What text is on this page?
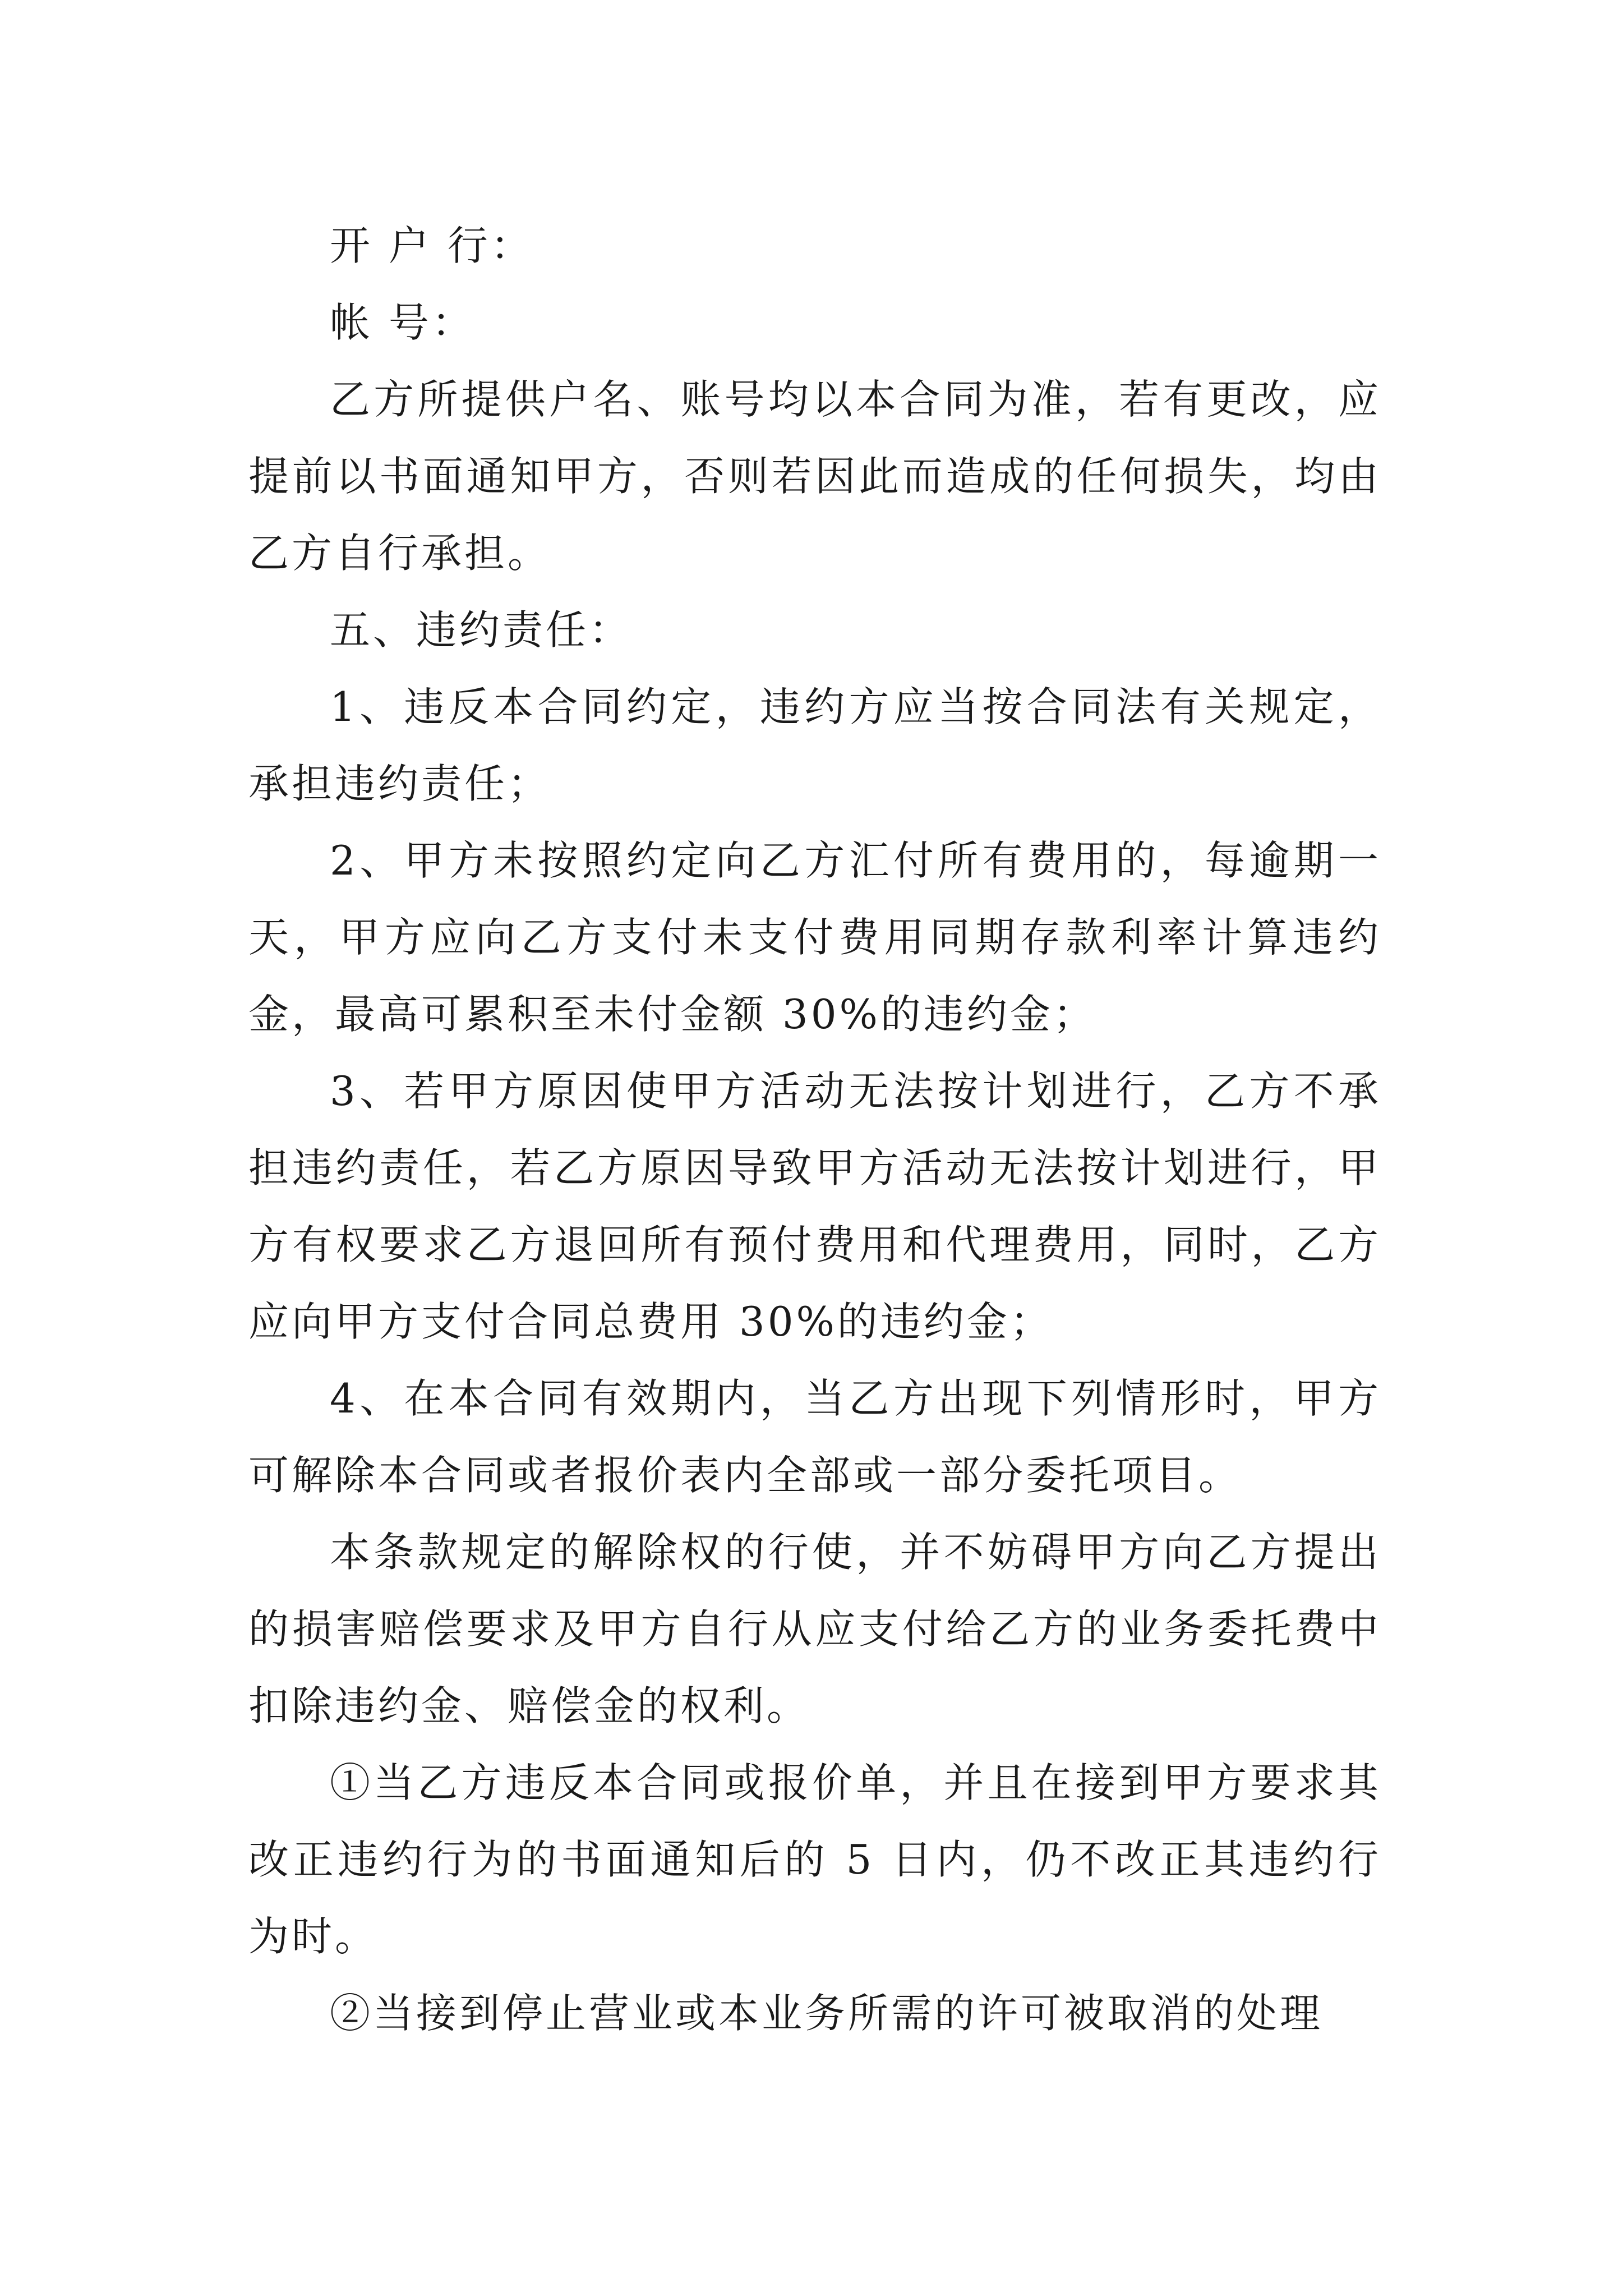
开 户 行：

帐 号：

乙方所提供户名、账号均以本合同为准，若有更改，应提前以书面通知甲方，否则若因此而造成的任何损失，均由乙方自行承担。

五、违约责任：

1、违反本合同约定，违约方应当按合同法有关规定，承担违约责任；

2、甲方未按照约定向乙方汇付所有费用的，每逾期一天，甲方应向乙方支付未支付费用同期存款利率计算违约金，最高可累积至未付金额 30%的违约金；

3、若甲方原因使甲方活动无法按计划进行，乙方不承担违约责任，若乙方原因导致甲方活动无法按计划进行，甲方有权要求乙方退回所有预付费用和代理费用，同时，乙方应向甲方支付合同总费用 30%的违约金；

4、在本合同有效期内，当乙方出现下列情形时，甲方可解除本合同或者报价表内全部或一部分委托项目。

本条款规定的解除权的行使，并不妨碍甲方向乙方提出的损害赔偿要求及甲方自行从应支付给乙方的业务委托费中扣除违约金、赔偿金的权利。

①当乙方违反本合同或报价单，并且在接到甲方要求其改正违约行为的书面通知后的 5 日内，仍不改正其违约行为时。

②当接到停止营业或本业务所需的许可被取消的处理
